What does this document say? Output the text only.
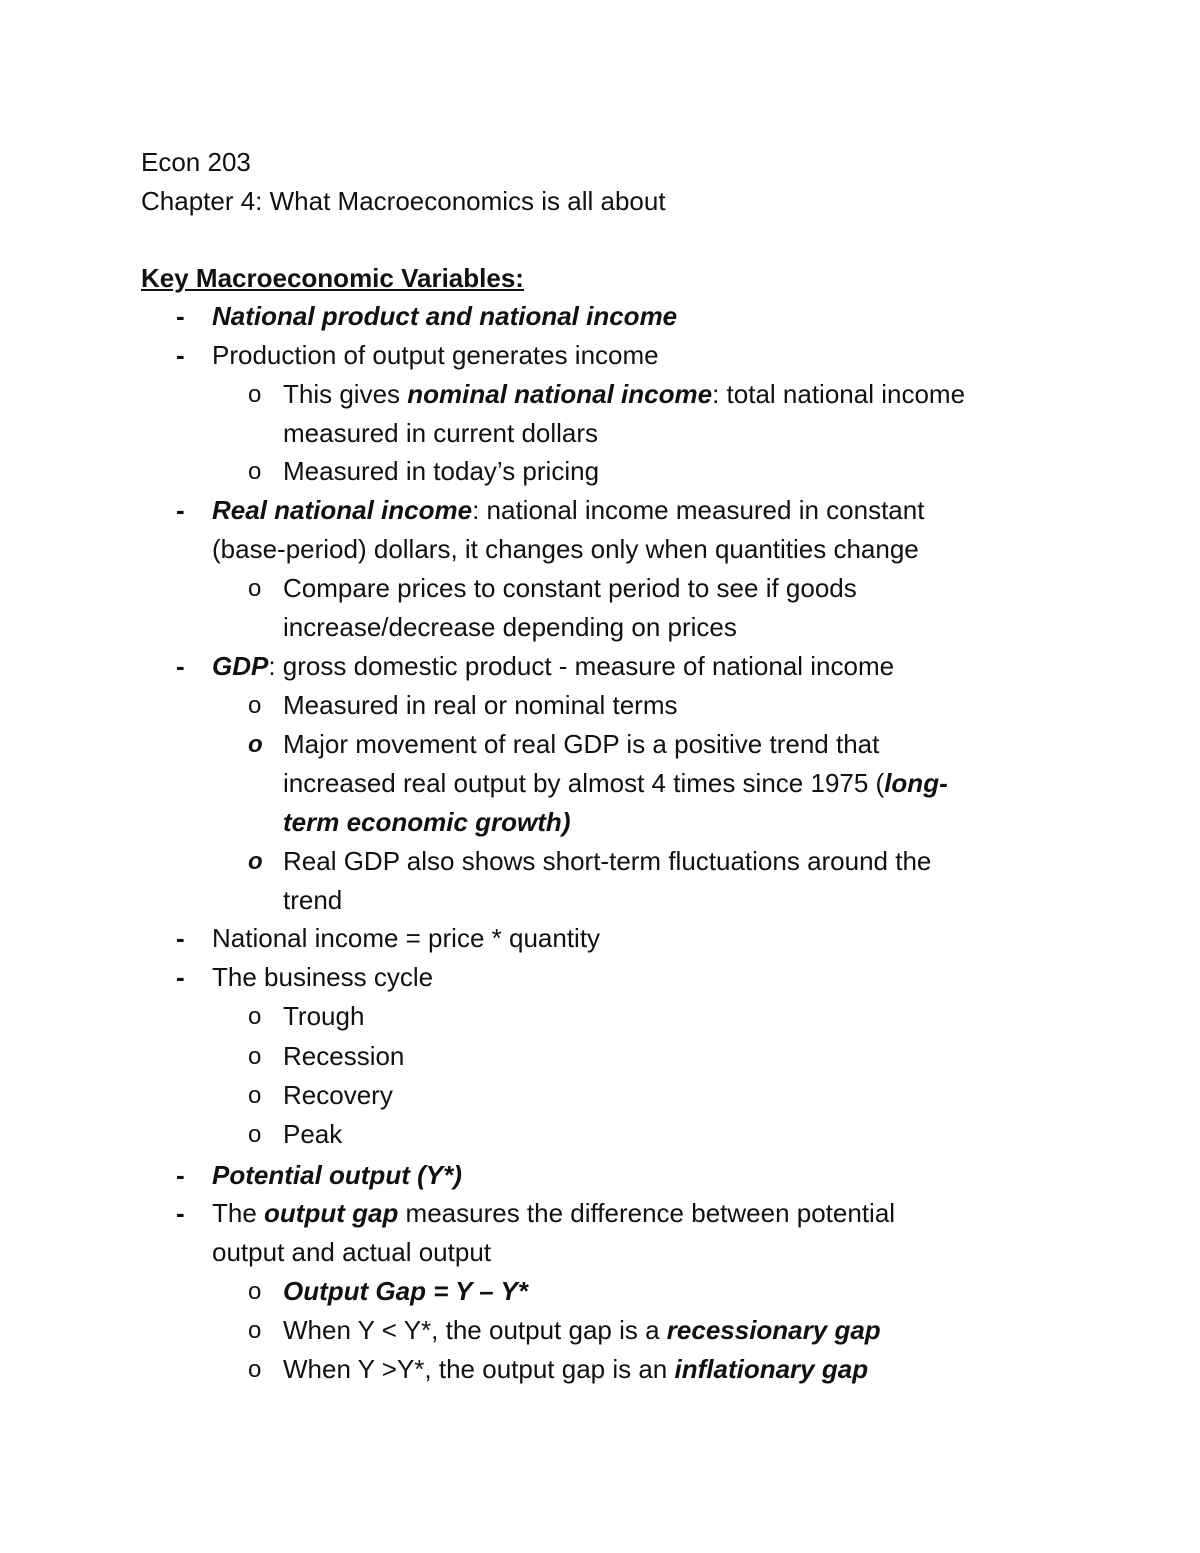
Econ 203
Chapter 4: What Macroeconomics is all about
Key Macroeconomic Variables:
- National product and national income
- Production of output generates income
o This gives nominal national income: total national income
measured in current dollars
o Measured in today’s pricing
- Real national income: national income measured in constant
(base-period) dollars, it changes only when quantities change
o Compare prices to constant period to see if goods
increase/decrease depending on prices
- GDP: gross domestic product - measure of national income
o Measured in real or nominal terms
o Major movement of real GDP is a positive trend that
increased real output by almost 4 times since 1975 (long-
term economic growth)
o Real GDP also shows short-term fluctuations around the
trend
- National income = price * quantity
- The business cycle
o Trough
o Recession
o Recovery
o Peak
- Potential output (Y*)
- The output gap measures the difference between potential
output and actual output
o Output Gap = Y – Y*
o When Y < Y*, the output gap is a recessionary gap
o When Y >Y*, the output gap is an inflationary gap
